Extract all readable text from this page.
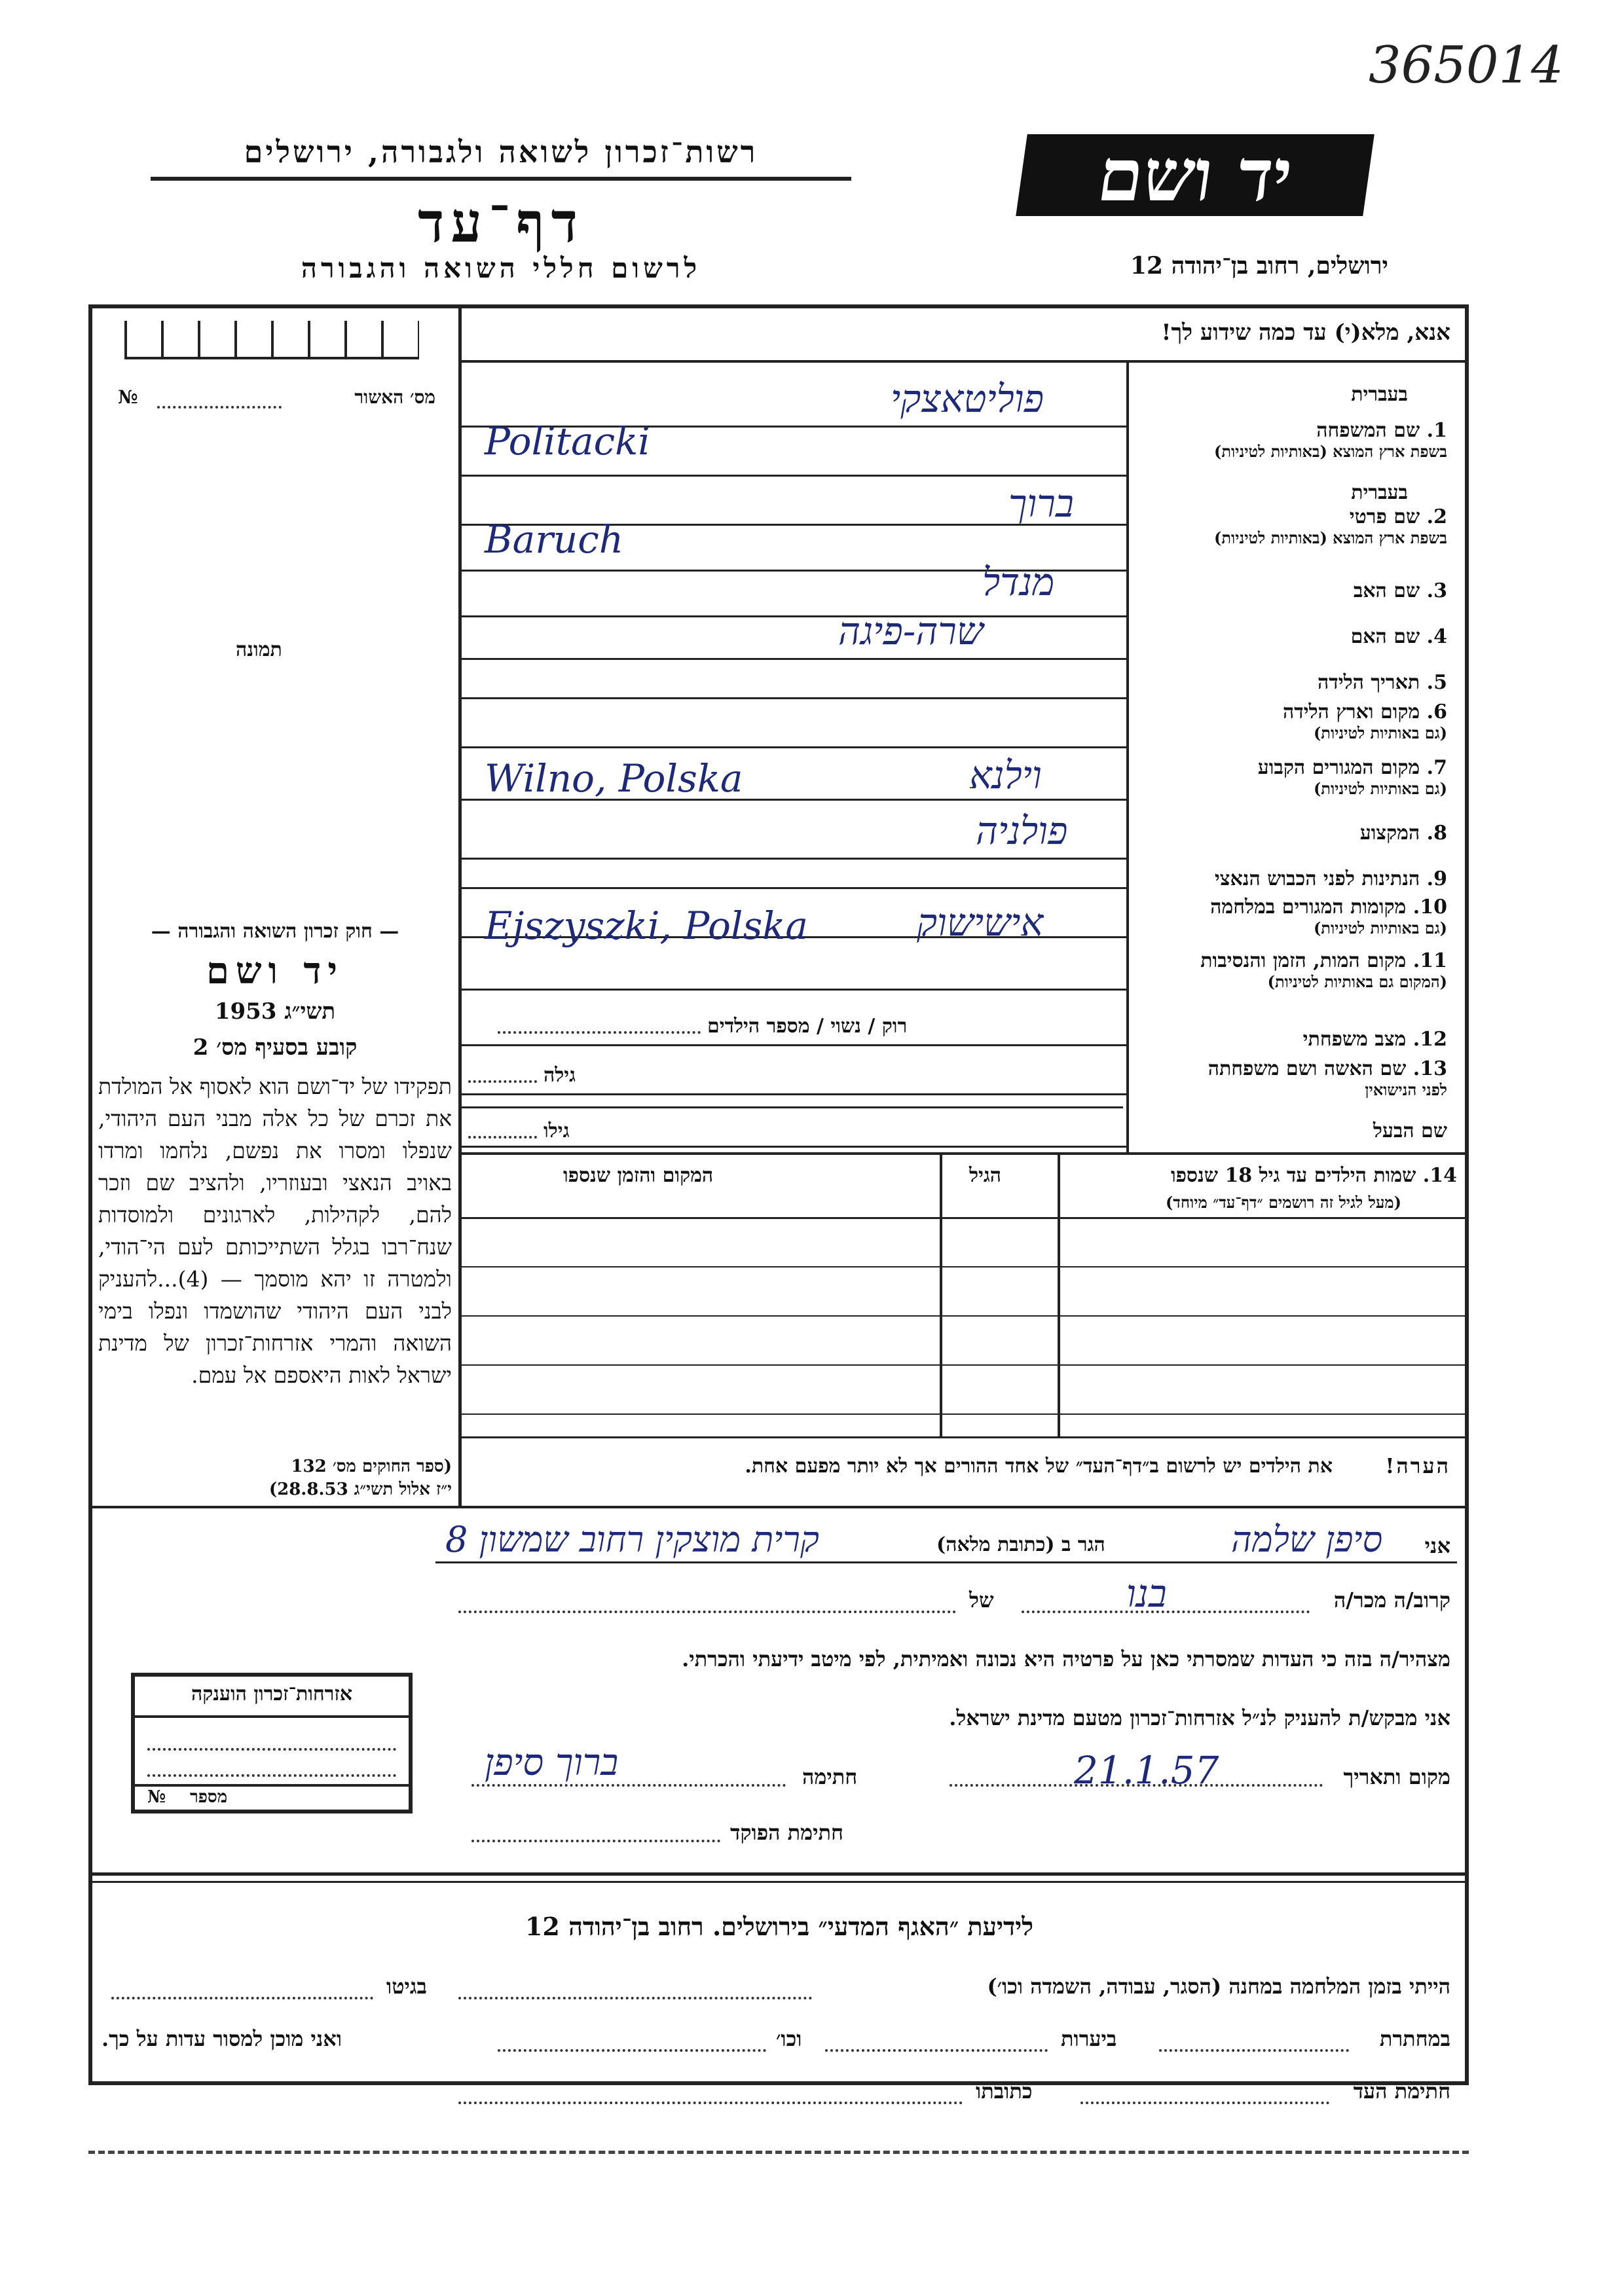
365014
יד ושם
ירושלים, רחוב בן־יהודה 12
רשות־זכרון לשואה ולגבורה, ירושלים
דף־עד
לרשום חללי השואה והגבורה
אנא, מלא(י) עד כמה שידוע לך!
מס׳ האשור
№
תמונה
— חוק זכרון השואה והגבורה —
יד ושם
תשי״ג 1953
קובע בסעיף מס׳ 2
תפקידו של יד־ושם הוא לאסוף אל המולדת את זכרם של כל אלה מבני העם היהודי, שנפלו ומסרו את נפשם, נלחמו ומרדו באויב הנאצי ובעוזריו, ולהציב שם וזכר להם, לקהילות, לארגונים ולמוסדות שנח־רבו בגלל השתייכותם לעם הי־הודי, ולמטרה זו יהא מוסמך — (4)...להעניק לבני העם היהודי שהושמדו ונפלו בימי השואה והמרי אזרחות־זכרון של מדינת ישראל לאות היאספם אל עמם.
(ספר החוקים מס׳ 132
י״ז אלול תשי״ג 28.8.53)
בעברית
1. שם המשפחה
בשפת ארץ המוצא (באותיות לטיניות)
בעברית
2. שם פרטי
בשפת ארץ המוצא (באותיות לטיניות)
3. שם האב
4. שם האם
5. תאריך הלידה
6. מקום וארץ הלידה
(גם באותיות לטיניות)
7. מקום המגורים הקבוע
(גם באותיות לטיניות)
8. המקצוע
9. הנתינות לפני הכבוש הנאצי
10. מקומות המגורים במלחמה
(גם באותיות לטיניות)
11. מקום המות, הזמן והנסיבות
(המקום גם באותיות לטיניות)
12. מצב משפחתי
13. שם האשה ושם משפחתה
לפני הנישואין
שם הבעל
פוליטאצקי
Politacki
ברוך
Baruch
מנדל
שרה-פיגה
וילנא
Wilno, Polska
פולניה
אישישוק
Ejszyszki, Polska
רוק / נשוי / מספר הילדים
גילה
גילו
14. שמות הילדים עד גיל 18 שנספו
(מעל לגיל זה רושמים ״דף־עד״ מיוחד)
הגיל
המקום והזמן שנספו
הערה!
את הילדים יש לרשום ב״דף־העד״ של אחד ההורים אך לא יותר מפעם אחת.
אזרחות־זכרון הוענקה
מספר
№
אני
סיפן שלמה
הגר ב (כתובת מלאה)
קרית מוצקין רחוב שמשון 8
קרוב/ה מכר/ה
בנו
של
מצהיר/ה בזה כי העדות שמסרתי כאן על פרטיה היא נכונה ואמיתית, לפי מיטב ידיעתי והכרתי.
אני מבקש/ת להעניק לנ״ל אזרחות־זכרון מטעם מדינת ישראל.
מקום ותאריך
21.1.57
חתימה
ברוך סיפן
חתימת הפוקד
לידיעת ״האגף המדעי״ בירושלים. רחוב בן־יהודה 12
הייתי בזמן המלחמה במחנה (הסגר, עבודה, השמדה וכו׳)
בגיטו
במחתרת
ביערות
וכו׳
ואני מוכן למסור עדות על כך.
חתימת העד
כתובתו
